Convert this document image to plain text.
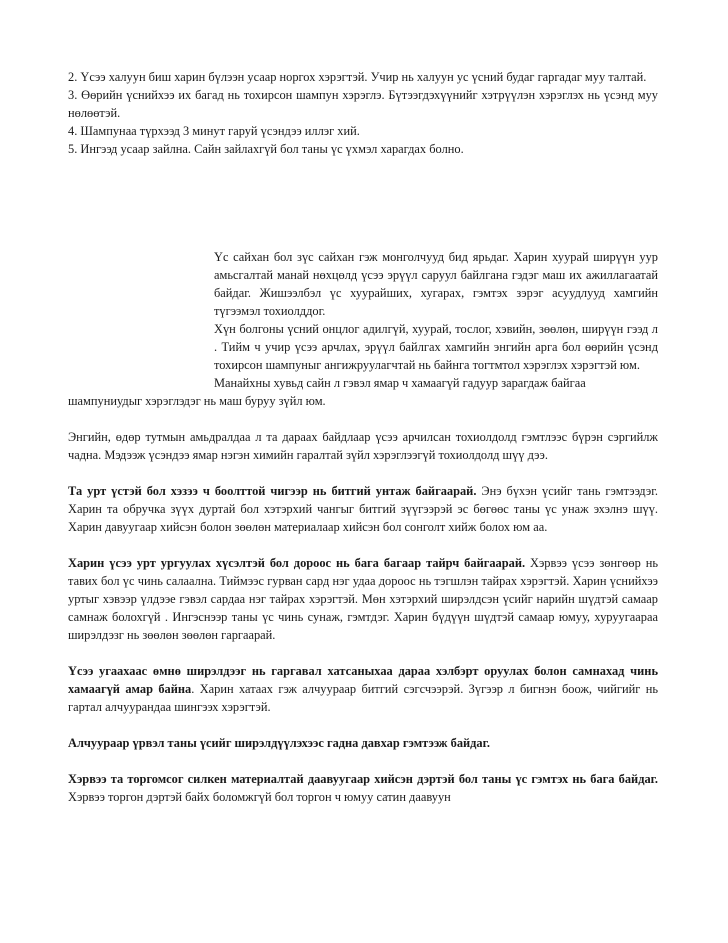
2. Үсээ халуун биш харин бүлээн усаар норгох хэрэгтэй. Учир нь халуун ус үсний будаг гаргадаг муу талтай.

3. Өөрийн үснийхээ их багад нь тохирсон шампун хэрэглэ. Бүтээгдэхүүнийг хэтрүүлэн хэрэглэх нь үсэнд муу нөлөөтэй.

4. Шампунаа түрхээд 3 минут гаруй үсэндээ иллэг хий.

5. Ингээд усаар зайлна. Сайн зайлахгүй бол таны үс үхмэл харагдах болно.

Үс сайхан бол зүс сайхан гэж монголчууд бид ярьдаг. Харин хуурай ширүүн уур амьсгалтай манай нөхцөлд үсээ эрүүл саруул байлгана гэдэг маш их ажиллагаатай байдаг. Жишээлбэл үс хуурайших, хугарах, гэмтэх зэрэг асуудлууд хамгийн түгээмэл тохиолддог.

Хүн болгоны үсний онцлог адилгүй, хуурай, тослог, хэвийн, зөөлөн, ширүүн гээд л . Тийм ч учир үсээ арчлах, эрүүл байлгах хамгийн энгийн арга бол өөрийн үсэнд тохирсон шампуныг ангижруулагчтай нь байнга тогтмтол хэрэглэх хэрэгтэй юм.

Манайхны хувьд сайн л гэвэл ямар ч хамаагүй гадуур зарагдаж байгаа

шампуниудыг хэрэглэдэг нь маш буруу зүйл юм.

Энгийн, өдөр тутмын амьдралдаа л та дараах байдлаар үсээ арчилсан тохиолдолд гэмтлээс бүрэн сэргийлж чадна. Мэдээж үсэндээ ямар нэгэн химийн гаралтай зүйл хэрэглээгүй тохиолдолд шүү дээ.

Та урт үстэй бол хэзээ ч боолттой чигээр нь битгий унтаж байгаарай. Энэ бүхэн үсийг тань гэмтээдэг. Харин та обручка зүүх дуртай бол хэтэрхий чангыг битгий зүүгээрэй эс бөгөөс таны үс унаж эхэлнэ шүү. Харин давуугаар хийсэн болон зөөлөн материалаар хийсэн бол сонголт хийж болох юм аа.

Харин үсээ урт ургуулах хүсэлтэй бол дороос нь бага багаар тайрч байгаарай. Хэрвээ үсээ зөнгөөр нь тавих бол үс чинь салаална. Тиймээс гурван сард нэг удаа дороос нь тэгшлэн тайрах хэрэгтэй. Харин үснийхээ уртыг хэвээр үлдээе гэвэл сардаа нэг тайрах хэрэгтэй. Мөн хэтэрхий ширэлдсэн үсийг нарийн шүдтэй самаар самнаж болохгүй . Ингэснээр таны үс чинь сунаж, гэмтдэг. Харин бүдүүн шүдтэй самаар юмуу, хуруугаараа ширэлдэзг нь зөөлөн зөөлөн гаргаарай.

Үсээ угаахаас өмнө ширэлдээг нь гаргавал хатсаныхаа дараа хэлбэрт оруулах болон самнахад чинь хамаагүй амар байна. Харин хатаах гэж алчуураар битгий сэгсчээрэй. Зүгээр л бигнэн боож, чийгийг нь гартал алчуурандаа шингээх хэрэгтэй.

Алчуураар үрвэл таны үсийг ширэлдүүлэхээс гадна давхар гэмтээж байдаг.

Хэрвээ та торгомсог силкен материалтай даавуугаар хийсэн дэртэй бол таны үс гэмтэх нь бага байдаг. Хэрвээ торгон дэртэй байх боломжгүй бол торгон ч юмуу сатин даавуун
